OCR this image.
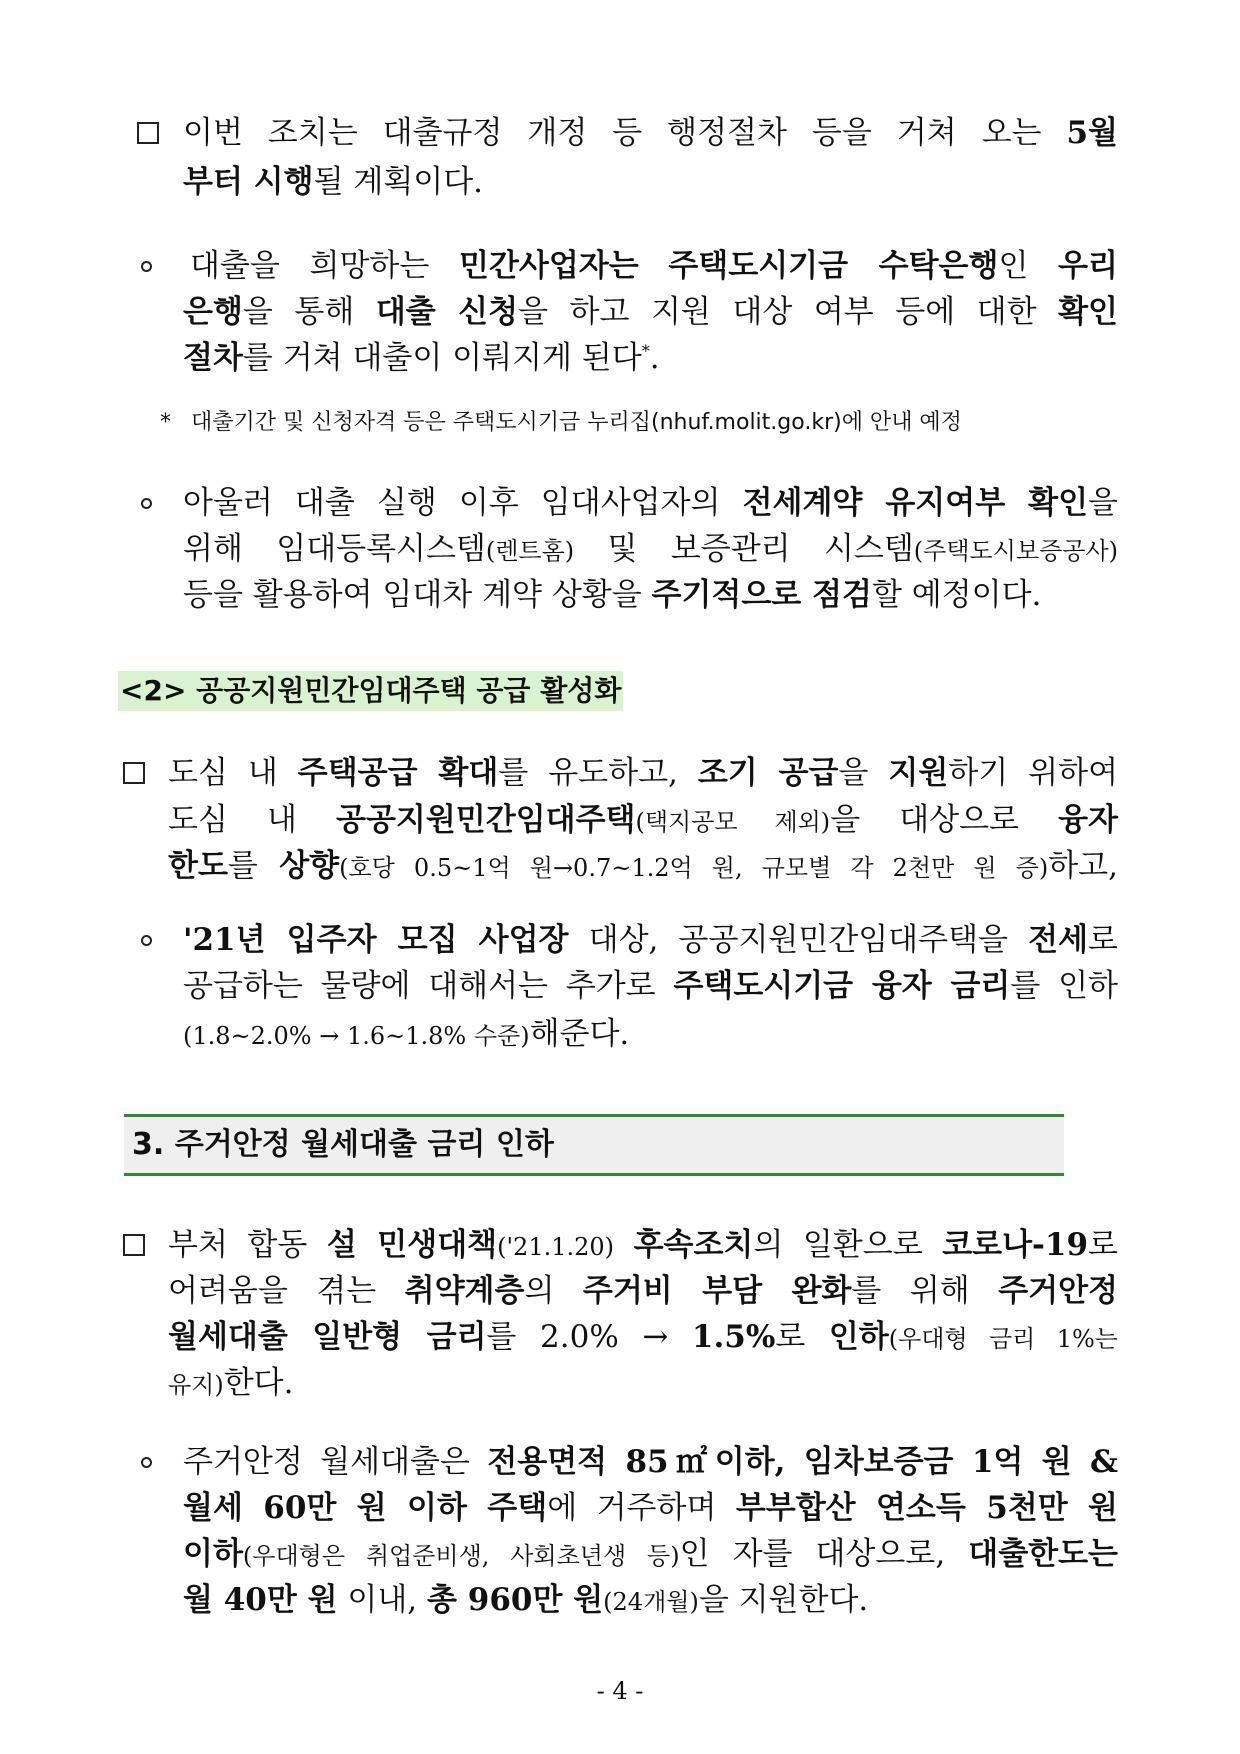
이번 조치는 대출규정 개정 등 행정절차 등을 거쳐 오는 5월
부터 시행될 계획이다.
대출을 희망하는 민간사업자는 주택도시기금 수탁은행인 우리
은행을 통해 대출 신청을 하고 지원 대상 여부 등에 대한 확인
절차를 거쳐 대출이 이뤄지게 된다*.
* 대출기간 및 신청자격 등은 주택도시기금 누리집(nhuf.molit.go.kr)에 안내 예정
아울러 대출 실행 이후 임대사업자의 전세계약 유지여부 확인을
위해 임대등록시스템(렌트홈) 및 보증관리 시스템(주택도시보증공사)
등을 활용하여 임대차 계약 상황을 주기적으로 점검할 예정이다.
<2> 공공지원민간임대주택 공급 활성화
도심 내 주택공급 확대를 유도하고, 조기 공급을 지원하기 위하여
도심 내 공공지원민간임대주택(택지공모 제외)을 대상으로 융자
한도를 상향(호당 0.5~1억 원→0.7~1.2억 원, 규모별 각 2천만 원 증)하고,
'21년 입주자 모집 사업장 대상, 공공지원민간임대주택을 전세로
공급하는 물량에 대해서는 추가로 주택도시기금 융자 금리를 인하
(1.8~2.0% → 1.6~1.8% 수준)해준다.
3. 주거안정 월세대출 금리 인하
부처 합동 설 민생대책('21.1.20) 후속조치의 일환으로 코로나-19로
어려움을 겪는 취약계층의 주거비 부담 완화를 위해 주거안정
월세대출 일반형 금리를 2.0% → 1.5%로 인하(우대형 금리 1%는
유지)한다.
주거안정 월세대출은 전용면적 85㎡이하, 임차보증금 1억 원 &
월세 60만 원 이하 주택에 거주하며 부부합산 연소득 5천만 원
이하(우대형은 취업준비생, 사회초년생 등)인 자를 대상으로, 대출한도는
월 40만 원 이내, 총 960만 원(24개월)을 지원한다.
- 4 -
